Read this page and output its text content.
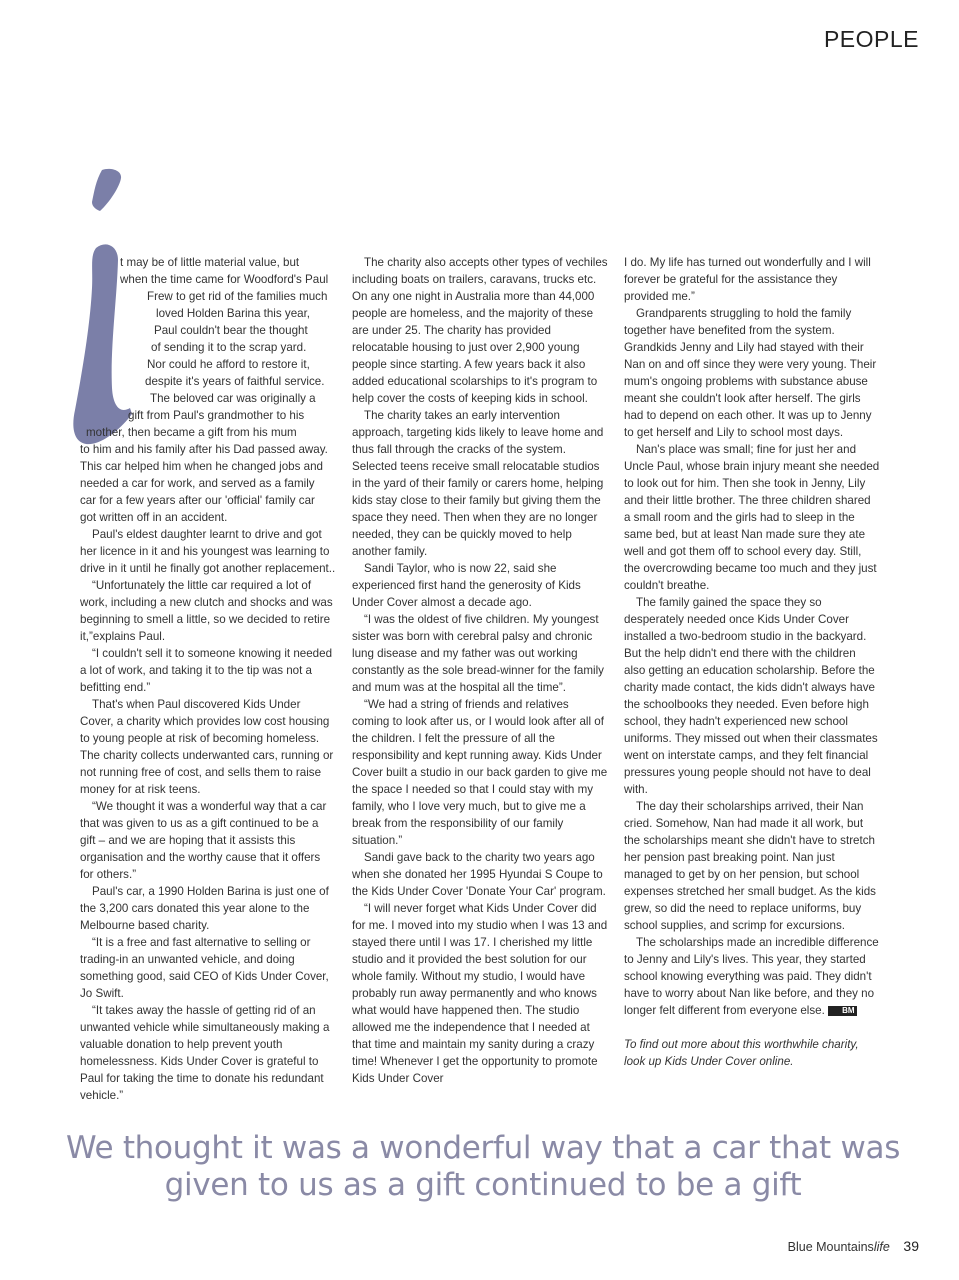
PEOPLE

t may be of little material value, but
when the time came for Woodford's Paul
Frew to get rid of the families much
loved Holden Barina this year,
Paul couldn't bear the thought
of sending it to the scrap yard.
Nor could he afford to restore it,
despite it's years of faithful service.
The beloved car was originally a
gift from Paul's grandmother to his
mother, then became a gift from his mum
to him and his family after his Dad passed away.
This car helped him when he changed jobs and
needed a car for work, and served as a family
car for a few years after our 'official' family car
got written off in an accident.

Paul's eldest daughter learnt to drive and got her licence in it and his youngest was learning to drive in it until he finally got another replacement..

“Unfortunately the little car required a lot of work, including a new clutch and shocks and was beginning to smell a little, so we decided to retire it,”explains Paul.

“I couldn't sell it to someone knowing it needed a lot of work, and taking it to the tip was not a befitting end.”

That's when Paul discovered Kids Under Cover, a charity which provides low cost housing to young people at risk of becoming homeless. The charity collects underwanted cars, running or not running free of cost, and sells them to raise money for at risk teens.

“We thought it was a wonderful way that a car that was given to us as a gift continued to be a gift – and we are hoping that it assists this organisation and the worthy cause that it offers for others.”

Paul's car, a 1990 Holden Barina is just one of the 3,200 cars donated this year alone to the Melbourne based charity.

“It is a free and fast alternative to selling or trading-in an unwanted vehicle, and doing something good, said CEO of Kids Under Cover, Jo Swift.

“It takes away the hassle of getting rid of an unwanted vehicle while simultaneously making a valuable donation to help prevent youth homelessness. Kids Under Cover is grateful to Paul for taking the time to donate his redundant vehicle.”

The charity also accepts other types of vechiles including boats on trailers, caravans, trucks etc. On any one night in Australia more than 44,000 people are homeless, and the majority of these are under 25. The charity has provided relocatable housing to just over 2,900 young people since starting. A few years back it also added educational scolarships to it's program to help cover the costs of keeping kids in school.

The charity takes an early intervention approach, targeting kids likely to leave home and thus fall through the cracks of the system. Selected teens receive small relocatable studios in the yard of their family or carers home, helping kids stay close to their family but giving them the space they need. Then when they are no longer needed, they can be quickly moved to help another family.

Sandi Taylor, who is now 22, said she experienced first hand the generosity of Kids Under Cover almost a decade ago.

“I was the oldest of five children. My youngest sister was born with cerebral palsy and chronic lung disease and my father was out working constantly as the sole bread-winner for the family and mum was at the hospital all the time”.

“We had a string of friends and relatives coming to look after us, or I would look after all of the children. I felt the pressure of all the responsibility and kept running away. Kids Under Cover built a studio in our back garden to give me the space I needed so that I could stay with my family, who I love very much, but to give me a break from the responsibility of our family situation.”

Sandi gave back to the charity two years ago when she donated her 1995 Hyundai S Coupe to the Kids Under Cover 'Donate Your Car' program.

“I will never forget what Kids Under Cover did for me. I moved into my studio when I was 13 and stayed there until I was 17. I cherished my little studio and it provided the best solution for our whole family. Without my studio, I would have probably run away permanently and who knows what would have happened then. The studio allowed me the independence that I needed at that time and maintain my sanity during a crazy time! Whenever I get the opportunity to promote Kids Under Cover

I do. My life has turned out wonderfully and I will forever be grateful for the assistance they provided me.”

Grandparents struggling to hold the family together have benefited from the system. Grandkids Jenny and Lily had stayed with their Nan on and off since they were very young. Their mum's ongoing problems with substance abuse meant she couldn't look after herself. The girls had to depend on each other. It was up to Jenny to get herself and Lily to school most days.

Nan's place was small; fine for just her and Uncle Paul, whose brain injury meant she needed to look out for him. Then she took in Jenny, Lily and their little brother. The three children shared a small room and the girls had to sleep in the same bed, but at least Nan made sure they ate well and got them off to school every day. Still, the overcrowding became too much and they just couldn't breathe.

The family gained the space they so desperately needed once Kids Under Cover installed a two-bedroom studio in the backyard. But the help didn't end there with the children also getting an education scholarship. Before the charity made contact, the kids didn't always have the schoolbooks they needed. Even before high school, they hadn't experienced new school uniforms. They missed out when their classmates went on interstate camps, and they felt financial pressures young people should not have to deal with.

The day their scholarships arrived, their Nan cried. Somehow, Nan had made it all work, but the scholarships meant she didn't have to stretch her pension past breaking point. Nan just managed to get by on her pension, but school expenses stretched her small budget. As the kids grew, so did the need to replace uniforms, buy school supplies, and scrimp for excursions.

The scholarships made an incredible difference to Jenny and Lily's lives. This year, they started school knowing everything was paid. They didn't have to worry about Nan like before, and they no longer felt different from everyone else. BM

To find out more about this worthwhile charity, look up Kids Under Cover online.

We thought it was a wonderful way that a car that was
given to us as a gift continued to be a gift
Blue Mountainslife 39
